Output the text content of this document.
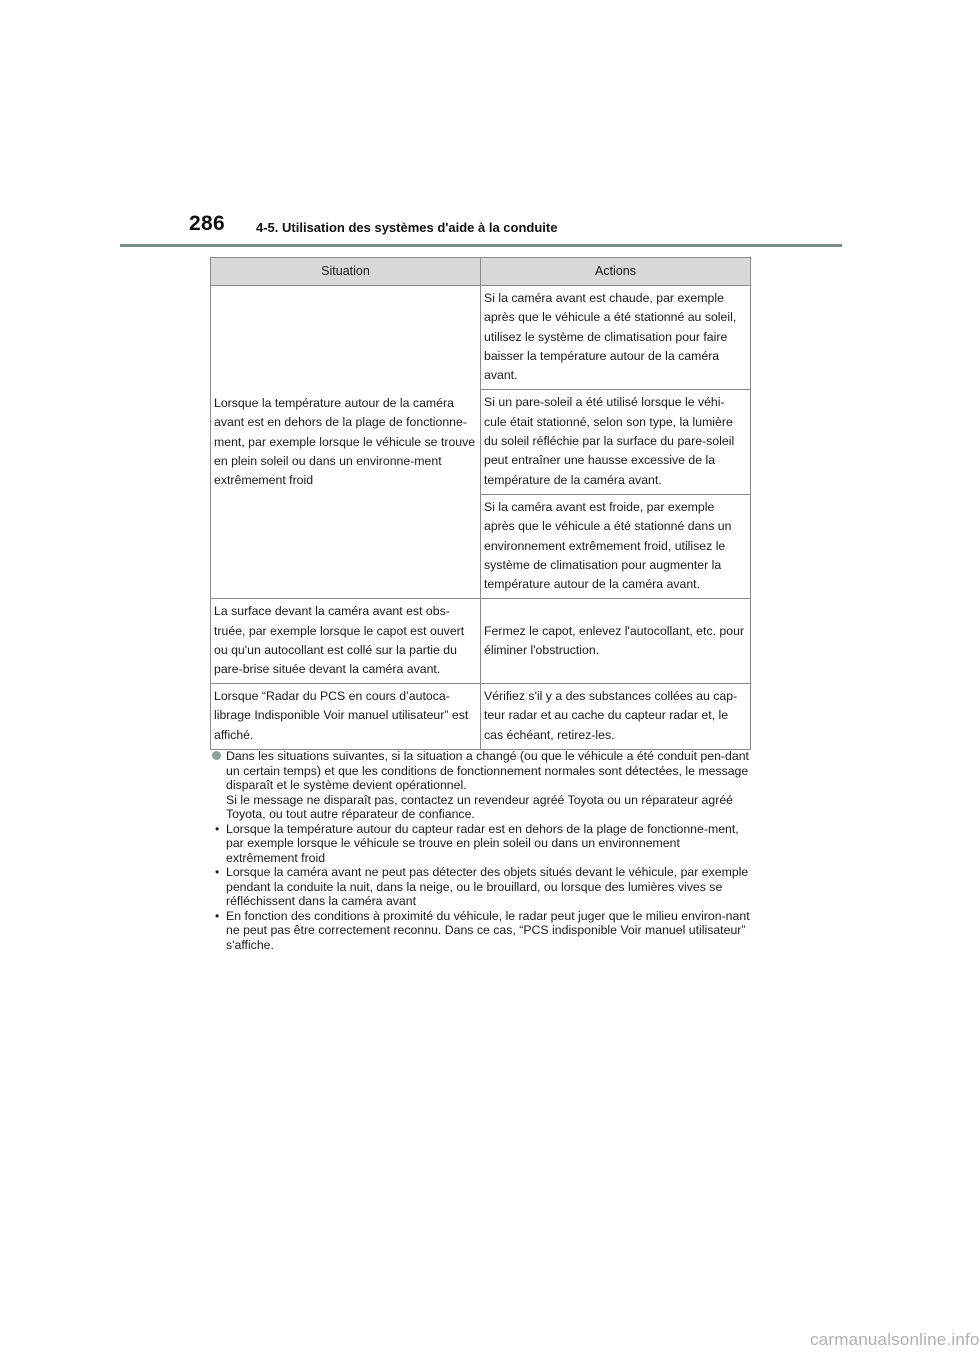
286 4-5. Utilisation des systèmes d'aide à la conduite
Situation	Actions
Lorsque la température autour de la caméra avant est en dehors de la plage de fonctionne-ment, par exemple lorsque le véhicule se trouve en plein soleil ou dans un environne-ment extrêmement froid	Si la caméra avant est chaude, par exemple après que le véhicule a été stationné au soleil, utilisez le système de climatisation pour faire baisser la température autour de la caméra avant.
Si un pare-soleil a été utilisé lorsque le véhi-cule était stationné, selon son type, la lumière du soleil réfléchie par la surface du pare-soleil peut entraîner une hausse excessive de la température de la caméra avant.
Si la caméra avant est froide, par exemple après que le véhicule a été stationné dans un environnement extrêmement froid, utilisez le système de climatisation pour augmenter la température autour de la caméra avant.

La surface devant la caméra avant est obs-truée, par exemple lorsque le capot est ouvert ou qu'un autocollant est collé sur la partie du pare-brise située devant la caméra avant.	Fermez le capot, enlevez l'autocollant, etc. pour éliminer l'obstruction.
Lorsque “Radar du PCS en cours d’autoca-librage Indisponible Voir manuel utilisateur” est affiché.	Vérifiez s'il y a des substances collées au cap-teur radar et au cache du capteur radar et, le cas échéant, retirez-les.
Dans les situations suivantes, si la situation a changé (ou que le véhicule a été conduit pen-dant un certain temps) et que les conditions de fonctionnement normales sont détectées, le message disparaît et le système devient opérationnel.
Si le message ne disparaît pas, contactez un revendeur agréé Toyota ou un réparateur agréé Toyota, ou tout autre réparateur de confiance.
• Lorsque la température autour du capteur radar est en dehors de la plage de fonctionne-ment, par exemple lorsque le véhicule se trouve en plein soleil ou dans un environnement extrêmement froid
• Lorsque la caméra avant ne peut pas détecter des objets situés devant le véhicule, par exemple pendant la conduite la nuit, dans la neige, ou le brouillard, ou lorsque des lumières vives se réfléchissent dans la caméra avant
• En fonction des conditions à proximité du véhicule, le radar peut juger que le milieu environ-nant ne peut pas être correctement reconnu. Dans ce cas, “PCS indisponible Voir manuel utilisateur” s'affiche.
carmanualsonline.info
